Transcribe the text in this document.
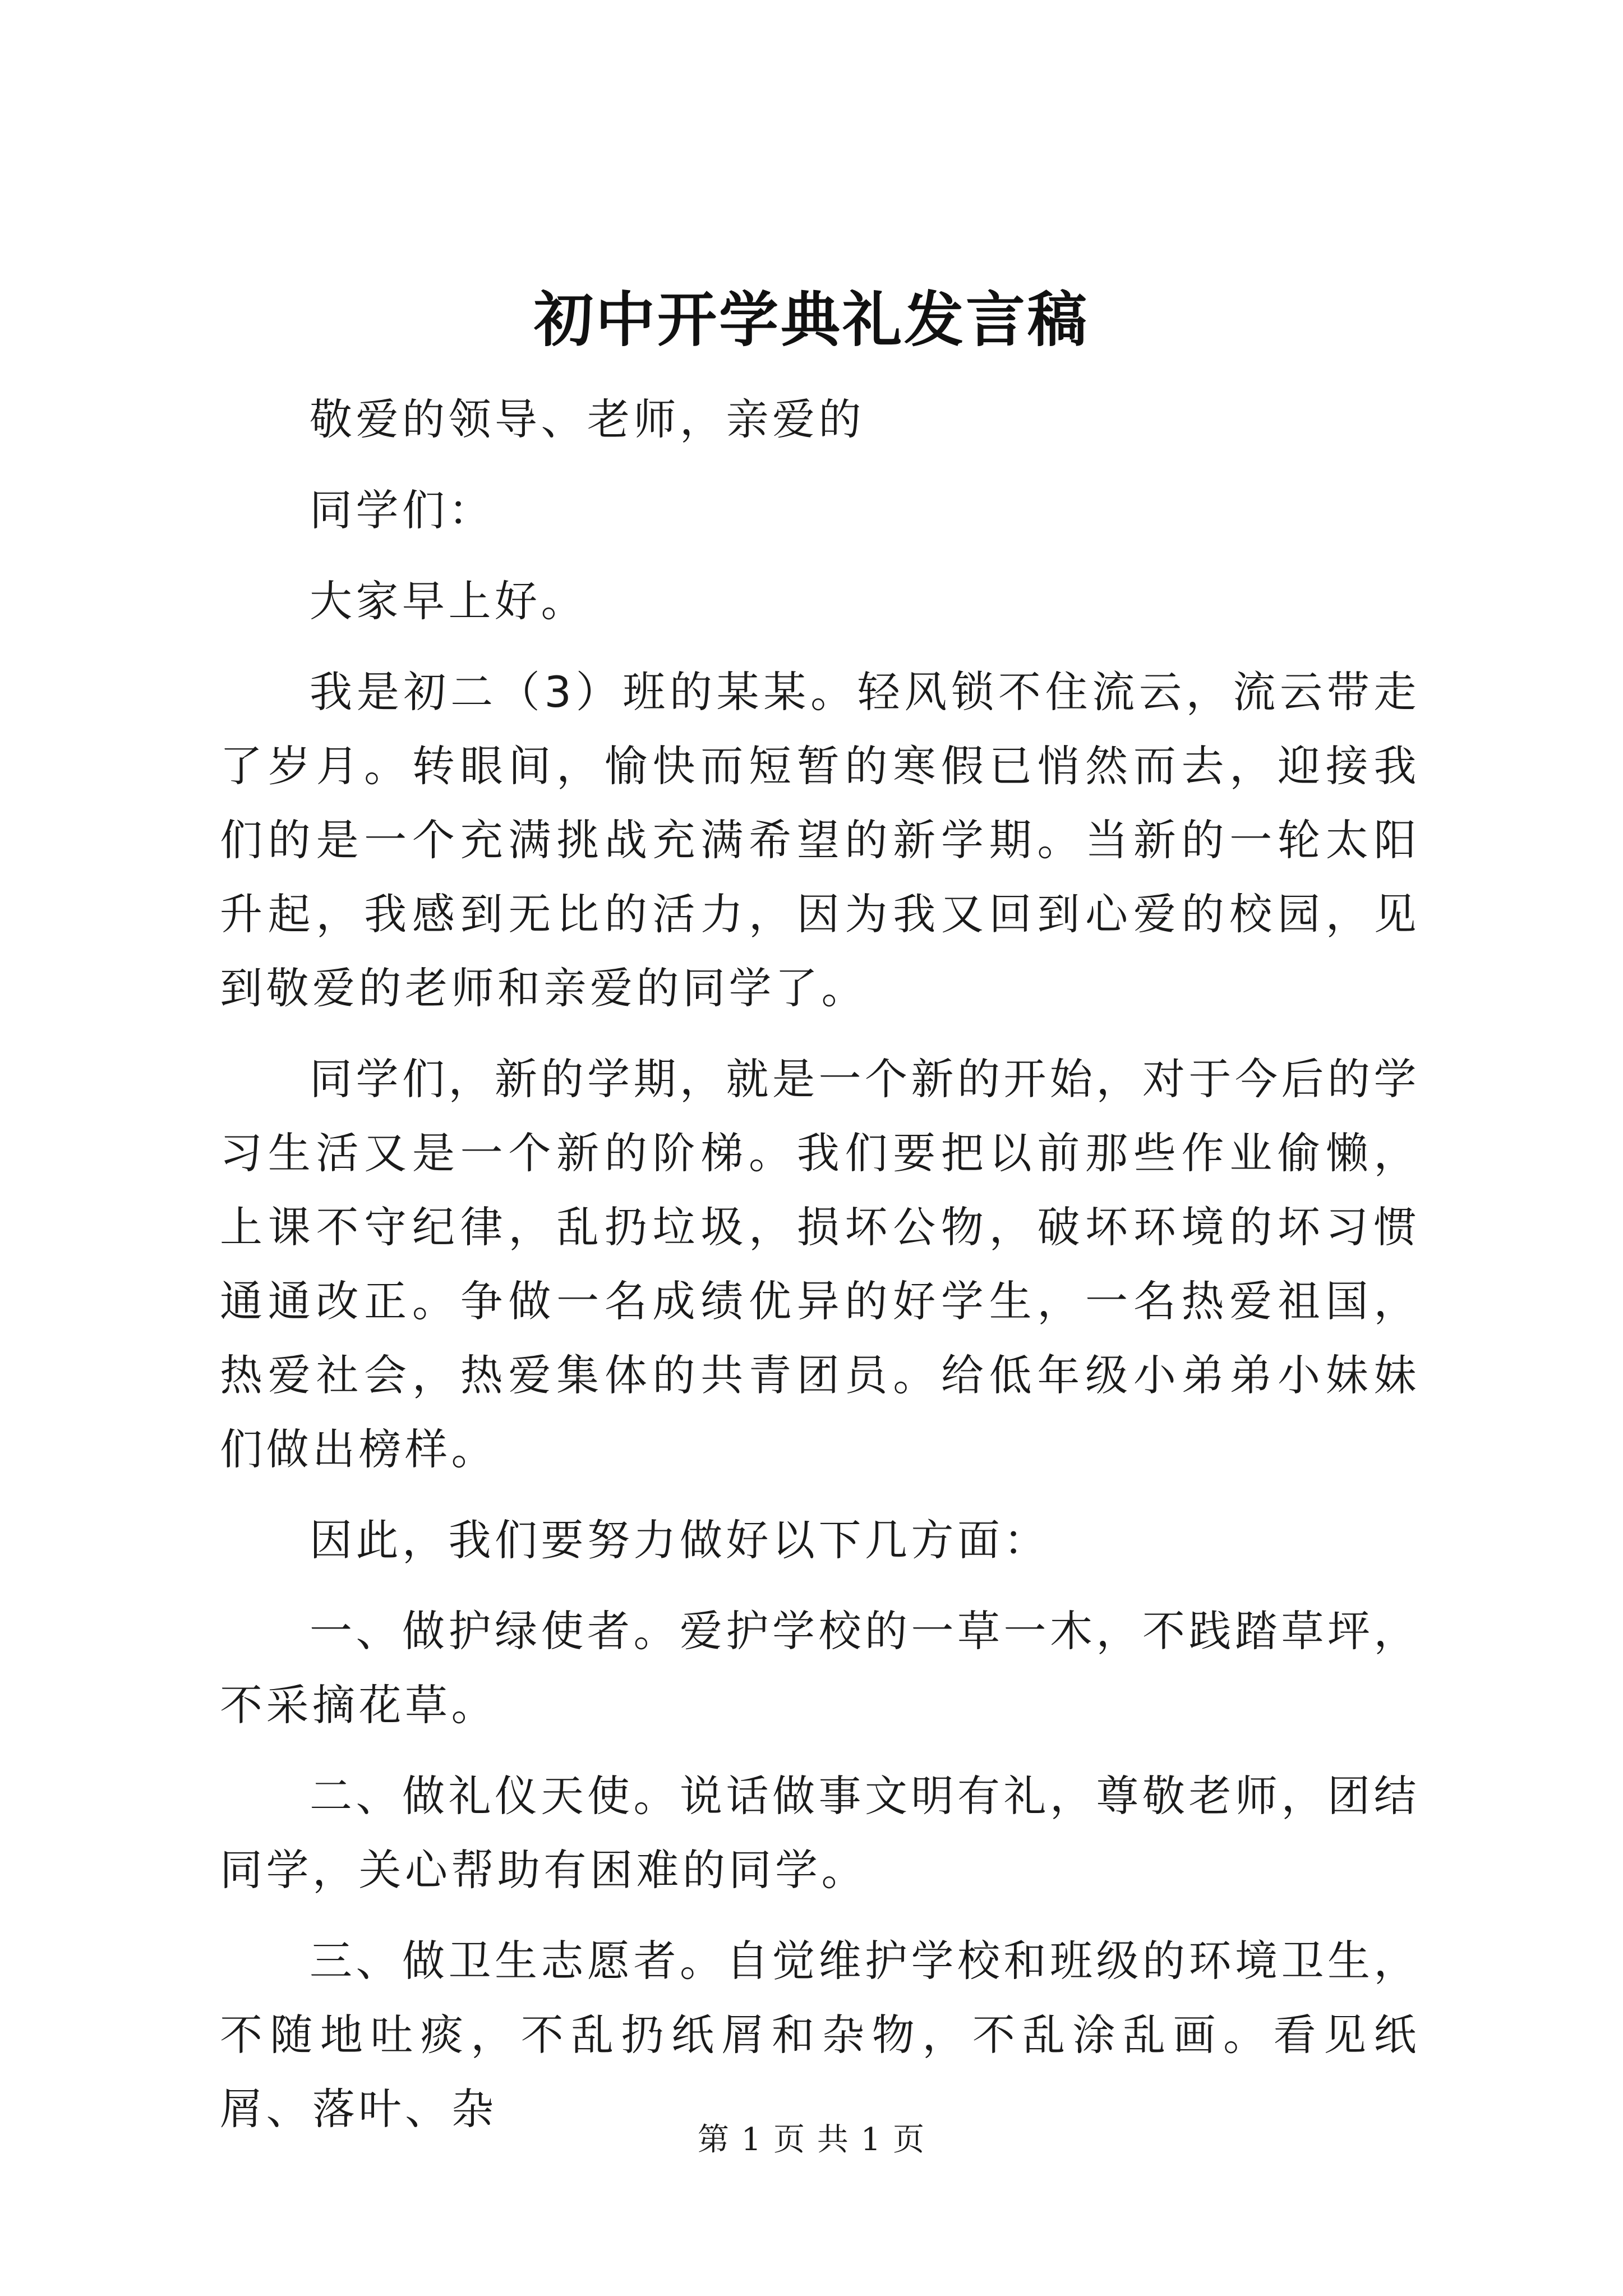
初中开学典礼发言稿

敬爱的领导、老师，亲爱的

同学们：

大家早上好。

我是初二（3）班的某某。轻风锁不住流云，流云带走了岁月。转眼间，愉快而短暂的寒假已悄然而去，迎接我们的是一个充满挑战充满希望的新学期。当新的一轮太阳升起，我感到无比的活力，因为我又回到心爱的校园，见到敬爱的老师和亲爱的同学了。

同学们，新的学期，就是一个新的开始，对于今后的学习生活又是一个新的阶梯。我们要把以前那些作业偷懒，上课不守纪律，乱扔垃圾，损坏公物，破坏环境的坏习惯通通改正。争做一名成绩优异的好学生，一名热爱祖国，热爱社会，热爱集体的共青团员。给低年级小弟弟小妹妹们做出榜样。

因此，我们要努力做好以下几方面：

一、做护绿使者。爱护学校的一草一木，不践踏草坪，不采摘花草。

二、做礼仪天使。说话做事文明有礼，尊敬老师，团结同学，关心帮助有困难的同学。

三、做卫生志愿者。自觉维护学校和班级的环境卫生，不随地吐痰，不乱扔纸屑和杂物，不乱涂乱画。看见纸屑、落叶、杂

第 1 页 共 1 页
